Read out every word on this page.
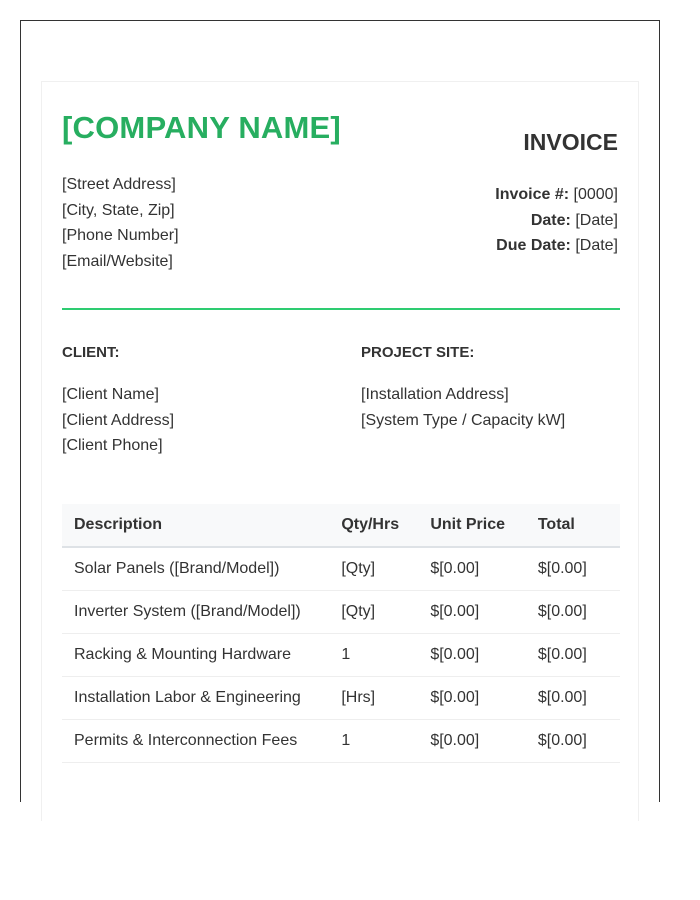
[COMPANY NAME]	INVOICE
[Street Address]
[City, State, Zip]
[Phone Number]
[Email/Website]
Invoice #: [0000]
Date: [Date]
Due Date: [Date]
CLIENT:	PROJECT SITE:
[Client Name]
[Client Address]
[Client Phone]
[Installation Address]
[System Type / Capacity kW]
Description	Qty/Hrs	Unit Price	Total
Solar Panels ([Brand/Model])	[Qty]	$[0.00]	$[0.00]
Inverter System ([Brand/Model])	[Qty]	$[0.00]	$[0.00]
Racking & Mounting Hardware	1	$[0.00]	$[0.00]
Installation Labor & Engineering	[Hrs]	$[0.00]	$[0.00]
Permits & Interconnection Fees	1	$[0.00]	$[0.00]
